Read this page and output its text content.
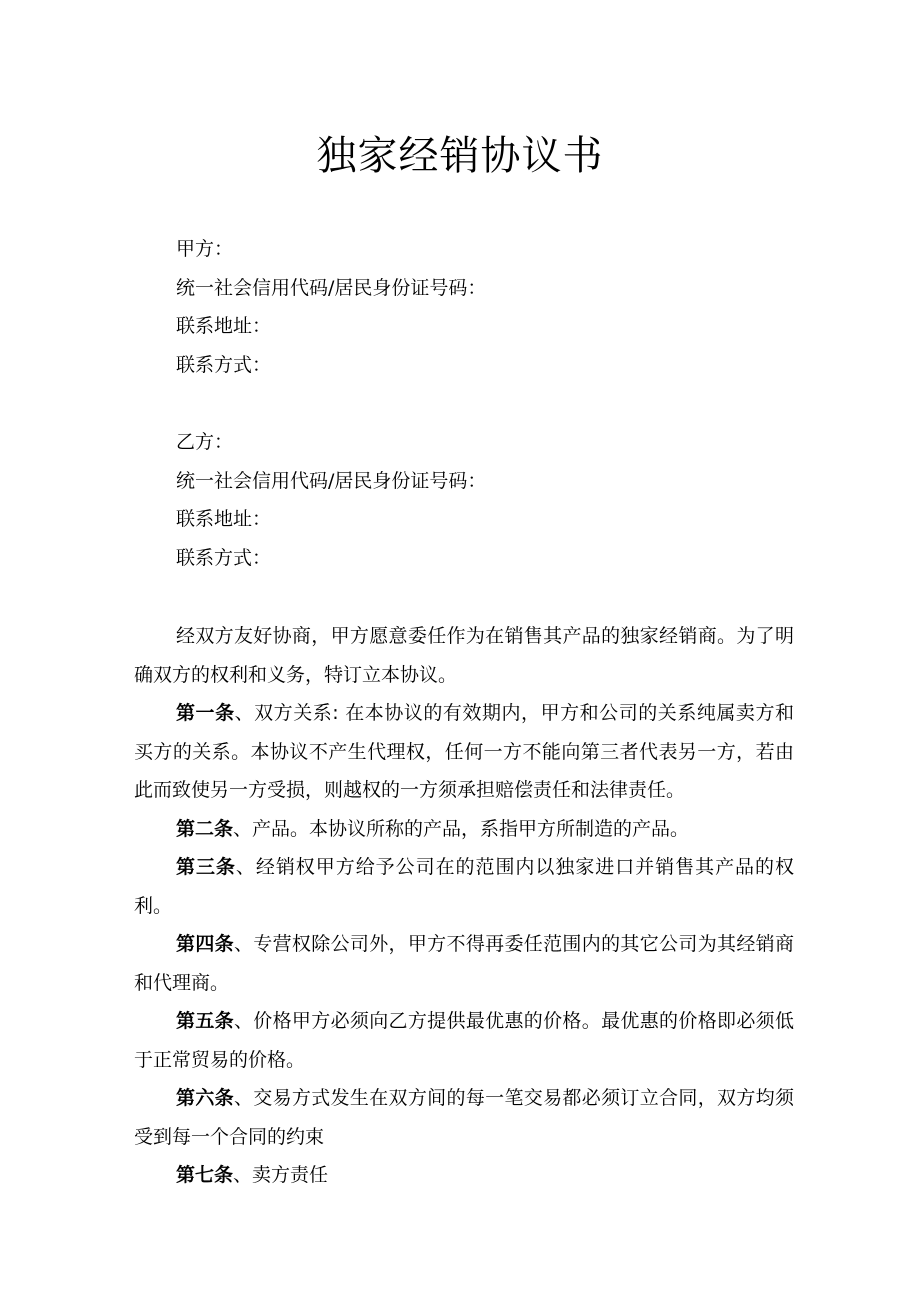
独家经销协议书
甲方：
统一社会信用代码/居民身份证号码：
联系地址：
联系方式：
乙方：
统一社会信用代码/居民身份证号码：
联系地址：
联系方式：

经双方友好协商，甲方愿意委任作为在销售其产品的独家经销商。为了明确双方的权利和义务，特订立本协议。

第一条、双方关系: 在本协议的有效期内，甲方和公司的关系纯属卖方和买方的关系。本协议不产生代理权，任何一方不能向第三者代表另一方，若由此而致使另一方受损，则越权的一方须承担赔偿责任和法律责任。

第二条、产品。本协议所称的产品，系指甲方所制造的产品。

第三条、经销权甲方给予公司在的范围内以独家进口并销售其产品的权利。

第四条、专营权除公司外，甲方不得再委任范围内的其它公司为其经销商和代理商。

第五条、价格甲方必须向乙方提供最优惠的价格。最优惠的价格即必须低于正常贸易的价格。

第六条、交易方式发生在双方间的每一笔交易都必须订立合同，双方均须受到每一个合同的约束

第七条、卖方责任
